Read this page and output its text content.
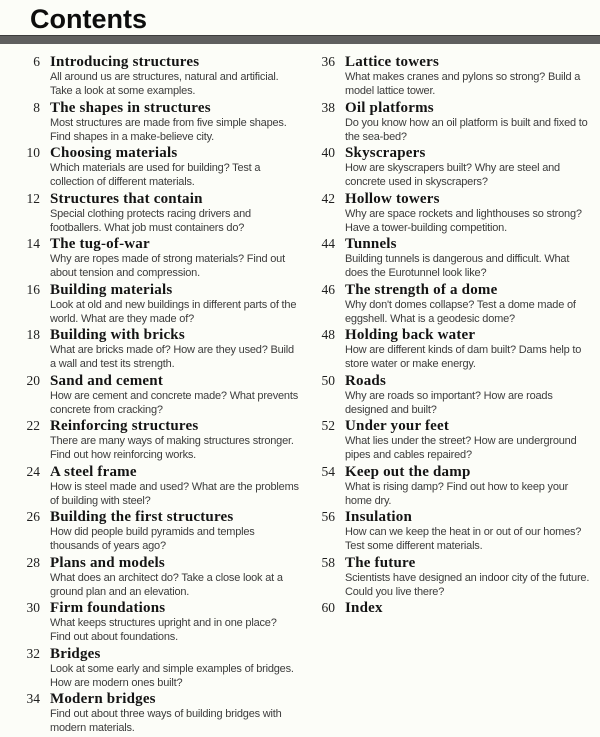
Contents
6 Introducing structures
All around us are structures, natural and artificial. Take a look at some examples.
8 The shapes in structures
Most structures are made from five simple shapes. Find shapes in a make-believe city.
10 Choosing materials
Which materials are used for building? Test a collection of different materials.
12 Structures that contain
Special clothing protects racing drivers and footballers. What job must containers do?
14 The tug-of-war
Why are ropes made of strong materials? Find out about tension and compression.
16 Building materials
Look at old and new buildings in different parts of the world. What are they made of?
18 Building with bricks
What are bricks made of? How are they used? Build a wall and test its strength.
20 Sand and cement
How are cement and concrete made? What prevents concrete from cracking?
22 Reinforcing structures
There are many ways of making structures stronger. Find out how reinforcing works.
24 A steel frame
How is steel made and used? What are the problems of building with steel?
26 Building the first structures
How did people build pyramids and temples thousands of years ago?
28 Plans and models
What does an architect do? Take a close look at a ground plan and an elevation.
30 Firm foundations
What keeps structures upright and in one place? Find out about foundations.
32 Bridges
Look at some early and simple examples of bridges. How are modern ones built?
34 Modern bridges
Find out about three ways of building bridges with modern materials.
36 Lattice towers
What makes cranes and pylons so strong? Build a model lattice tower.
38 Oil platforms
Do you know how an oil platform is built and fixed to the sea-bed?
40 Skyscrapers
How are skyscrapers built? Why are steel and concrete used in skyscrapers?
42 Hollow towers
Why are space rockets and lighthouses so strong? Have a tower-building competition.
44 Tunnels
Building tunnels is dangerous and difficult. What does the Eurotunnel look like?
46 The strength of a dome
Why don't domes collapse? Test a dome made of eggshell. What is a geodesic dome?
48 Holding back water
How are different kinds of dam built? Dams help to store water or make energy.
50 Roads
Why are roads so important? How are roads designed and built?
52 Under your feet
What lies under the street? How are underground pipes and cables repaired?
54 Keep out the damp
What is rising damp? Find out how to keep your home dry.
56 Insulation
How can we keep the heat in or out of our homes? Test some different materials.
58 The future
Scientists have designed an indoor city of the future. Could you live there?
60 Index
